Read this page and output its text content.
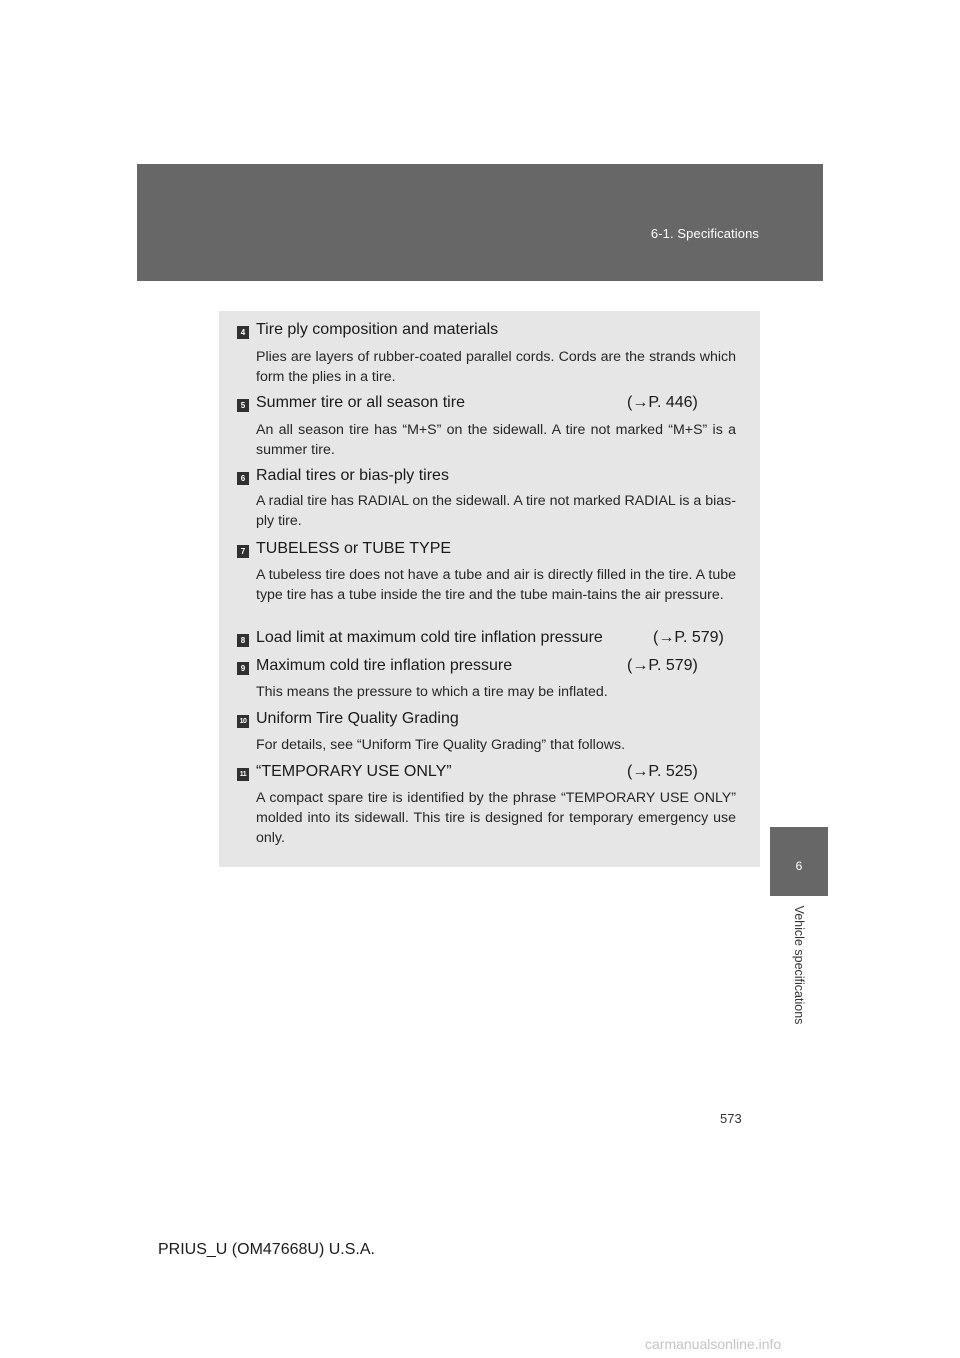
6-1. Specifications
6
Vehicle specifications
4 Tire ply composition and materials
Plies are layers of rubber-coated parallel cords. Cords are the strands which form the plies in a tire.
5 Summer tire or all season tire	(→P. 446)
An all season tire has “M+S” on the sidewall. A tire not marked “M+S” is a summer tire.
6 Radial tires or bias-ply tires
A radial tire has RADIAL on the sidewall. A tire not marked RADIAL is a bias-ply tire.
7 TUBELESS or TUBE TYPE
A tubeless tire does not have a tube and air is directly filled in the tire. A tube type tire has a tube inside the tire and the tube main-tains the air pressure.
8 Load limit at maximum cold tire inflation pressure	(→P. 579)
9 Maximum cold tire inflation pressure	(→P. 579)
This means the pressure to which a tire may be inflated.
10 Uniform Tire Quality Grading
For details, see “Uniform Tire Quality Grading” that follows.
11 “TEMPORARY USE ONLY”	(→P. 525)
A compact spare tire is identified by the phrase “TEMPORARY USE ONLY” molded into its sidewall. This tire is designed for temporary emergency use only.
573
PRIUS_U (OM47668U) U.S.A.
carmanualsonline.info
